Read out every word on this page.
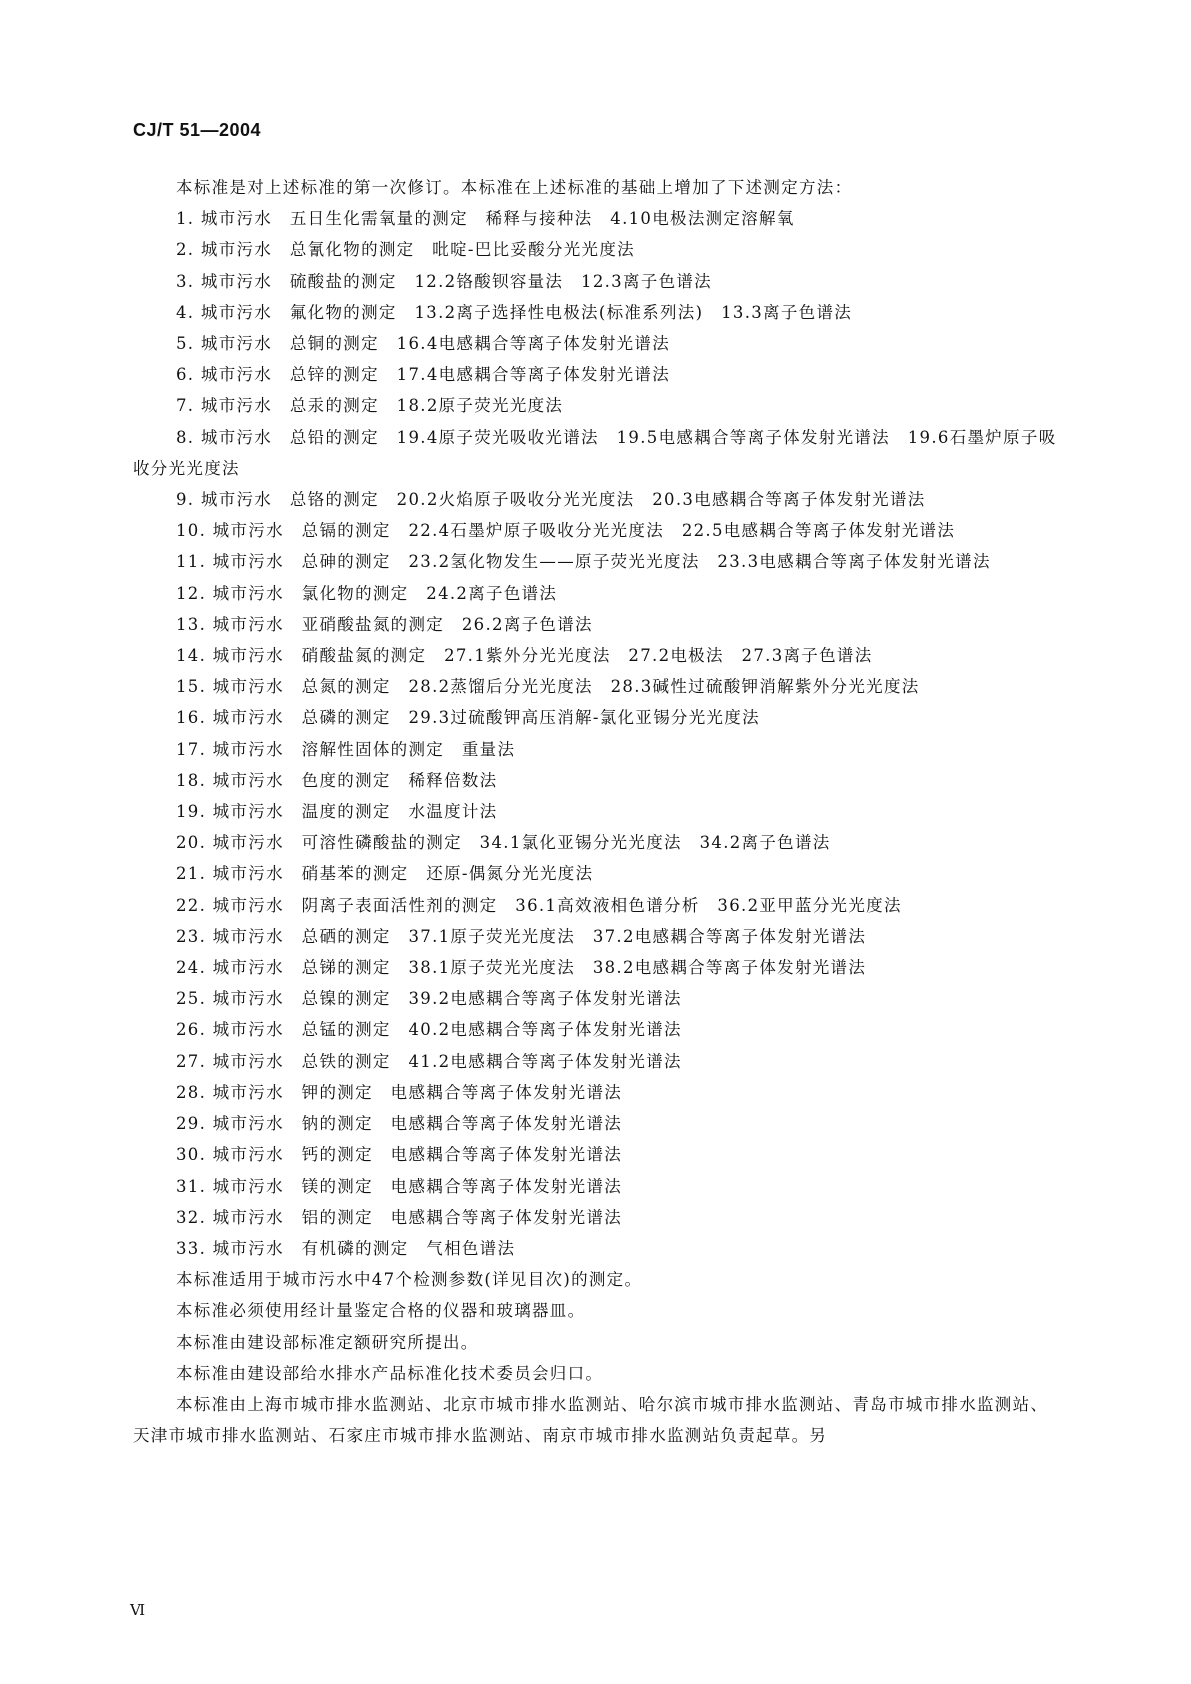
CJ/T 51—2004

本标准是对上述标准的第一次修订。本标准在上述标准的基础上增加了下述测定方法：

1. 城市污水　五日生化需氧量的测定　稀释与接种法　4.10电极法测定溶解氧
2. 城市污水　总氰化物的测定　吡啶-巴比妥酸分光光度法
3. 城市污水　硫酸盐的测定　12.2铬酸钡容量法　12.3离子色谱法
4. 城市污水　氟化物的测定　13.2离子选择性电极法(标准系列法)　13.3离子色谱法
5. 城市污水　总铜的测定　16.4电感耦合等离子体发射光谱法
6. 城市污水　总锌的测定　17.4电感耦合等离子体发射光谱法
7. 城市污水　总汞的测定　18.2原子荧光光度法
8. 城市污水　总铅的测定　19.4原子荧光吸收光谱法　19.5电感耦合等离子体发射光谱法　19.6石墨炉原子吸收分光光度法
9. 城市污水　总铬的测定　20.2火焰原子吸收分光光度法　20.3电感耦合等离子体发射光谱法
10. 城市污水　总镉的测定　22.4石墨炉原子吸收分光光度法　22.5电感耦合等离子体发射光谱法
11. 城市污水　总砷的测定　23.2氢化物发生——原子荧光光度法　23.3电感耦合等离子体发射光谱法
12. 城市污水　氯化物的测定　24.2离子色谱法
13. 城市污水　亚硝酸盐氮的测定　26.2离子色谱法
14. 城市污水　硝酸盐氮的测定　27.1紫外分光光度法　27.2电极法　27.3离子色谱法
15. 城市污水　总氮的测定　28.2蒸馏后分光光度法　28.3碱性过硫酸钾消解紫外分光光度法
16. 城市污水　总磷的测定　29.3过硫酸钾高压消解-氯化亚锡分光光度法
17. 城市污水　溶解性固体的测定　重量法
18. 城市污水　色度的测定　稀释倍数法
19. 城市污水　温度的测定　水温度计法
20. 城市污水　可溶性磷酸盐的测定　34.1氯化亚锡分光光度法　34.2离子色谱法
21. 城市污水　硝基苯的测定　还原-偶氮分光光度法
22. 城市污水　阴离子表面活性剂的测定　36.1高效液相色谱分析　36.2亚甲蓝分光光度法
23. 城市污水　总硒的测定　37.1原子荧光光度法　37.2电感耦合等离子体发射光谱法
24. 城市污水　总锑的测定　38.1原子荧光光度法　38.2电感耦合等离子体发射光谱法
25. 城市污水　总镍的测定　39.2电感耦合等离子体发射光谱法
26. 城市污水　总锰的测定　40.2电感耦合等离子体发射光谱法
27. 城市污水　总铁的测定　41.2电感耦合等离子体发射光谱法
28. 城市污水　钾的测定　电感耦合等离子体发射光谱法
29. 城市污水　钠的测定　电感耦合等离子体发射光谱法
30. 城市污水　钙的测定　电感耦合等离子体发射光谱法
31. 城市污水　镁的测定　电感耦合等离子体发射光谱法
32. 城市污水　铝的测定　电感耦合等离子体发射光谱法
33. 城市污水　有机磷的测定　气相色谱法

本标准适用于城市污水中47个检测参数(详见目次)的测定。

本标准必须使用经计量鉴定合格的仪器和玻璃器皿。

本标准由建设部标准定额研究所提出。

本标准由建设部给水排水产品标准化技术委员会归口。

本标准由上海市城市排水监测站、北京市城市排水监测站、哈尔滨市城市排水监测站、青岛市城市排水监测站、天津市城市排水监测站、石家庄市城市排水监测站、南京市城市排水监测站负责起草。另

Ⅵ
